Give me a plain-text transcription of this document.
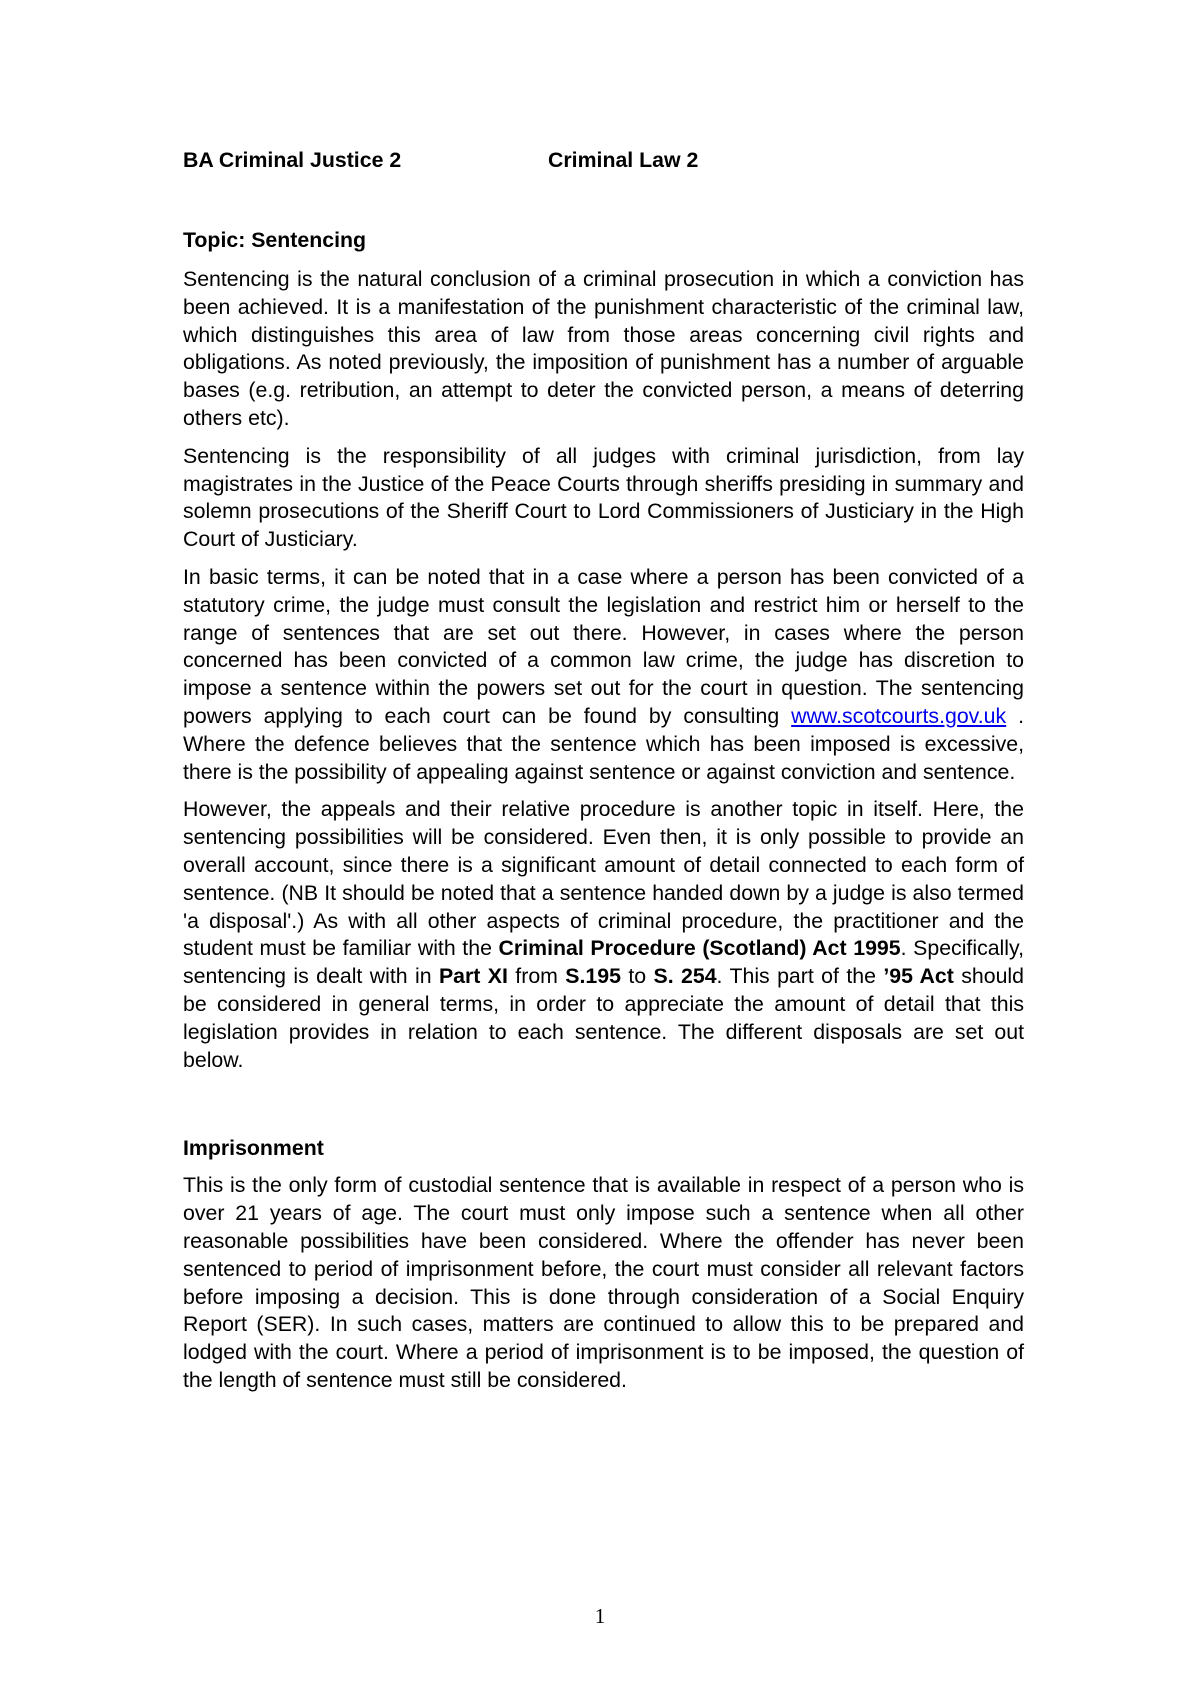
BA Criminal Justice 2	Criminal Law 2
Topic: Sentencing

Sentencing is the natural conclusion of a criminal prosecution in which a conviction has been achieved. It is a manifestation of the punishment characteristic of the criminal law, which distinguishes this area of law from those areas concerning civil rights and obligations. As noted previously, the imposition of punishment has a number of arguable bases (e.g. retribution, an attempt to deter the convicted person, a means of deterring others etc).

Sentencing is the responsibility of all judges with criminal jurisdiction, from lay magistrates in the Justice of the Peace Courts through sheriffs presiding in summary and solemn prosecutions of the Sheriff Court to Lord Commissioners of Justiciary in the High Court of Justiciary.

In basic terms, it can be noted that in a case where a person has been convicted of a statutory crime, the judge must consult the legislation and restrict him or herself to the range of sentences that are set out there. However, in cases where the person concerned has been convicted of a common law crime, the judge has discretion to impose a sentence within the powers set out for the court in question. The sentencing powers applying to each court can be found by consulting www.scotcourts.gov.uk . Where the defence believes that the sentence which has been imposed is excessive, there is the possibility of appealing against sentence or against conviction and sentence.

However, the appeals and their relative procedure is another topic in itself. Here, the sentencing possibilities will be considered. Even then, it is only possible to provide an overall account, since there is a significant amount of detail connected to each form of sentence. (NB It should be noted that a sentence handed down by a judge is also termed 'a disposal'.) As with all other aspects of criminal procedure, the practitioner and the student must be familiar with the Criminal Procedure (Scotland) Act 1995. Specifically, sentencing is dealt with in Part XI from S.195 to S. 254. This part of the ’95 Act should be considered in general terms, in order to appreciate the amount of detail that this legislation provides in relation to each sentence. The different disposals are set out below.

Imprisonment

This is the only form of custodial sentence that is available in respect of a person who is over 21 years of age. The court must only impose such a sentence when all other reasonable possibilities have been considered. Where the offender has never been sentenced to period of imprisonment before, the court must consider all relevant factors before imposing a decision. This is done through consideration of a Social Enquiry Report (SER). In such cases, matters are continued to allow this to be prepared and lodged with the court. Where a period of imprisonment is to be imposed, the question of the length of sentence must still be considered.

1
